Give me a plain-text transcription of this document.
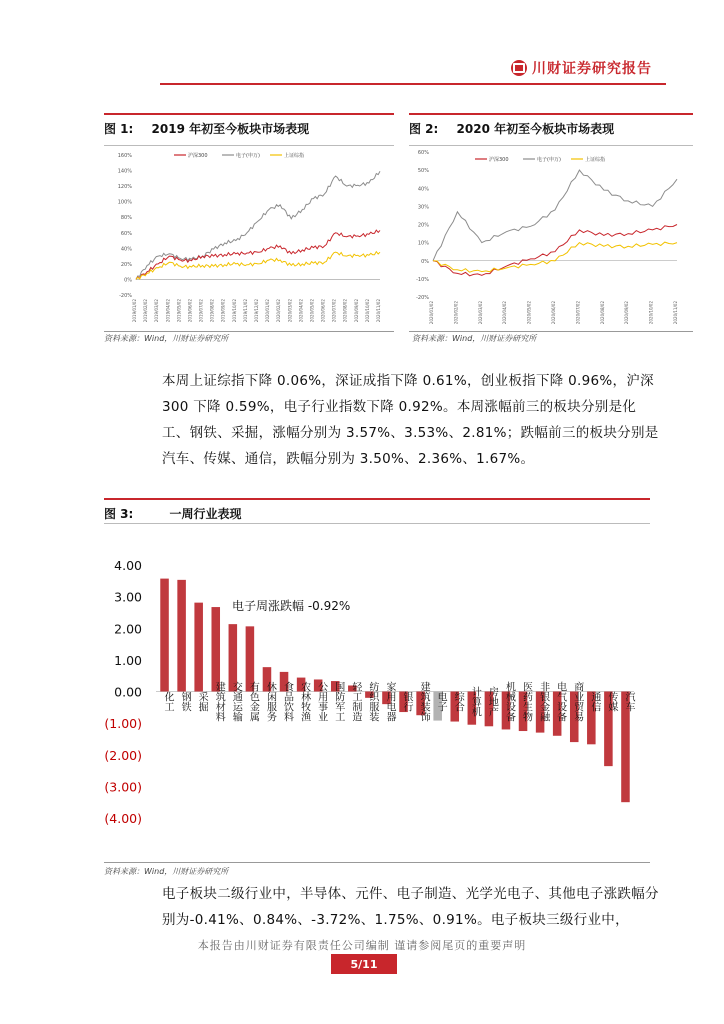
川财证券研究报告
图 1: 2019 年初至今板块市场表现
160%
140%
120%
100%
80%
60%
40%
20%
0%
-20%
2019/01/02 2019/02/02 2019/03/02 2019/04/02 2019/05/02 2019/06/02 2019/07/02 2019/08/02 2019/09/02 2019/10/02 2019/11/02 2019/12/02 2020/01/02 2020/02/02 2020/03/02 2020/04/02 2020/05/02 2020/06/02 2020/07/02 2020/08/02 2020/09/02 2020/10/02 2020/11/02
沪深300	电子(申万)	上证综指
资料来源：Wind，川财证券研究所
图 2: 2020 年初至今板块市场表现
60%
50%
40%
30%
20%
10%
0%
-10%
-20%
2020/01/02	2020/02/02	2020/03/02	2020/04/02	2020/05/02	2020/06/02	2020/07/02	2020/08/02	2020/09/02	2020/10/02	2020/11/02
沪深300	电子(申万)	上证综指
资料来源：Wind，川财证券研究所
本周上证综指下降 0.06%，深证成指下降 0.61%，创业板指下降 0.96%，沪深 300 下降 0.59%，电子行业指数下降 0.92%。本周涨幅前三的板块分别是化工、钢铁、采掘，涨幅分别为 3.57%、3.53%、2.81%；跌幅前三的板块分别是汽车、传媒、通信，跌幅分别为 3.50%、2.36%、1.67%。
图 3:	一周行业表现
4.00
3.00
2.00
1.00
0.00
(1.00)
(2.00)
(3.00)
(4.00)
化工 钢铁 采掘 建筑材料 交通运输 有色金属 休闲服务 食品饮料 农林牧渔 公用事业 国防军工 轻工制造 纺织服装 家用电器 银行 建筑装饰 电子 综合 计算机 房地产 机械设备 医药生物 非银金融 电气设备 商业贸易 通信 传媒 汽车
电子周涨跌幅 -0.92%
资料来源：Wind，川财证券研究所
电子板块二级行业中，半导体、元件、电子制造、光学光电子、其他电子涨跌幅分别为-0.41%、0.84%、-3.72%、1.75%、0.91%。电子板块三级行业中，
本报告由川财证券有限责任公司编制 谨请参阅尾页的重要声明
5/11
